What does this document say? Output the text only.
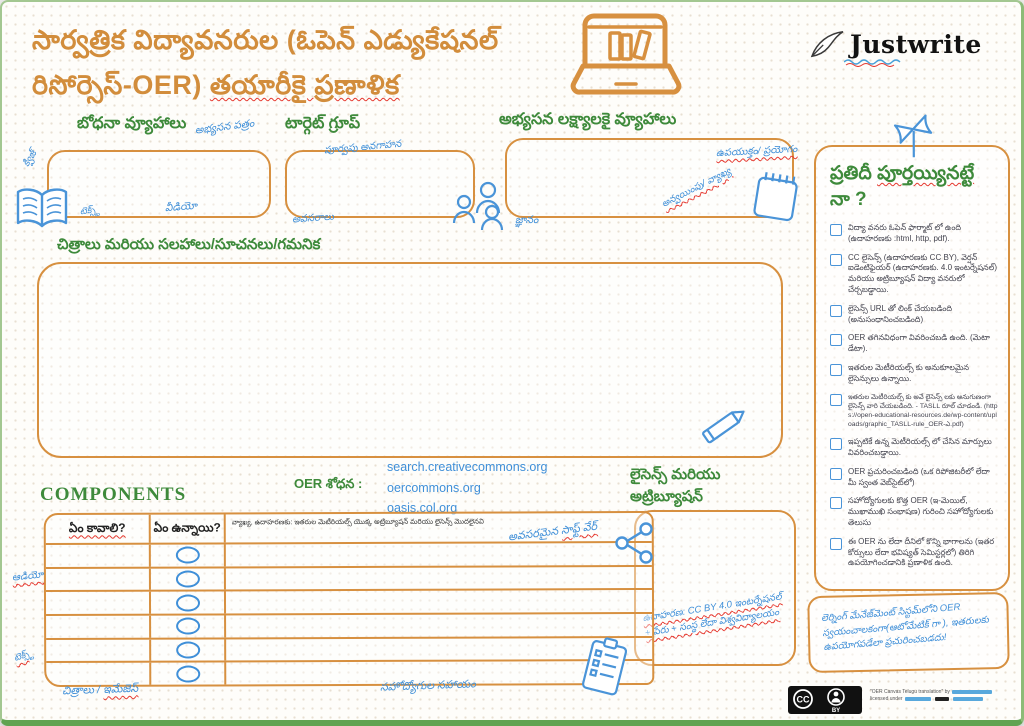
సార్వత్రిక విద్యావనరుల (ఓపెన్ ఎడ్యుకేషనల్
రిసోర్సెస్-OER) తయారీకై ప్రణాళిక
Justwrite
బోధనా వ్యూహాలు అభ్యసన పత్రం
క్విజ్
టెక్స్ట్	వీడియో
టార్గెట్ గ్రూప్
పూర్వపు అవగాహన
అవసరాలు
అభ్యసన లక్ష్యాలకై వ్యూహాలు
ఉపయుక్తం/ ప్రయోగం
జ్ఞానం
అన్వయింపు/ వ్యాఖ్య
చిత్రాలు మరియు సలహాలు/సూచనలు/గమనిక
OER శోధన :
search.creativecommons.org
oercommons.org
oasis.col.org
లైసెన్స్ మరియు
అట్రిబ్యూషన్
ఉదాహరణ: CC BY 4.0 ఇంటర్నేషనల్ + పేరు + సంస్థ లేదా విశ్వవిద్యాలయం
COMPONENTS
ఏం కావాలి?	ఏం ఉన్నాయి?	వ్యాఖ్య, ఉదాహరణకు: ఇతరుల మెటీరియల్స్ యొక్క అట్రిబ్యూషన్ మరియు లైసెన్స్ మొదలైనవి
అవసరమైన సాఫ్ట్ వేర్
ఆడియో
టెక్స్ట్
చిత్రాలు / ఇమేజెస్	సహోద్యోగుల సహాయం
ప్రతిదీ పూర్తయ్యినట్టే
నా ?
విద్యా వనరు ఓపెన్ ఫార్మాట్ లో ఉంది (ఉదాహరణకు :html, http, pdf).
CC లైసెన్స్ (ఉదాహరణకు CC BY), వెర్షన్ ఐడెంటిఫైయర్ (ఉదాహరణకు. 4.0 ఇంటర్నేషనల్) మరియు అట్రిబ్యూషన్ విద్యా వనరులో చేర్చబడ్డాయి.
లైసెన్స్ URL తో లింక్ చేయబడింది (అనుసంధానించబడింది)
OER తగినవిధంగా వివరించబడి ఉంది. (మెటా డేటా).
ఇతరుల మెటీరియల్స్ కు అనుకూలమైన లైసెన్సులు ఉన్నాయి.
ఇతరుల మెటీరియల్స్ కు అవే లైసెన్స్ లకు అనుగుణంగా లైసెన్స్ వారి చేయబడింది. - TASLL రూల్ చూడండి. (https://open-educational-resources.de/wp-content/uploads/graphic_TASLL-rule_OER-ఎ.pdf)
ఇప్పటికే ఉన్న మెటీరియల్స్ లో చేసిన మార్పులు వివరించబడ్డాయి.
OER ప్రచురించబడింది (ఒక రిపోజిటరీలో లేదా మీ స్వంత వెబ్‌సైట్‌లో)
సహోద్యోగులకు కొత్త OER (ఇ-మెయిల్, ముఖాముఖి సంభాషణ) గురించి సహోద్యోగులకు తెలుసు
ఈ OER ను లేదా దీనిలో కొన్ని భాగాలను (ఇతర కోర్సులు లేదా భవిష్యత్ సెమిస్టర్లలో) తిరిగి ఉపయోగించడానికి ప్రణాళిక ఉంది.
లెర్నింగ్ మేనేజ్‌మెంట్ సిస్టమ్‌లోని OER స్వయంచాలకంగా(ఆటోమేటిక్ గా ), ఇతరులకు ఉపయోగపడేలా ప్రచురించబడదు!
CC
BY
"OER Canvas Telugu translation" by
licensed under
